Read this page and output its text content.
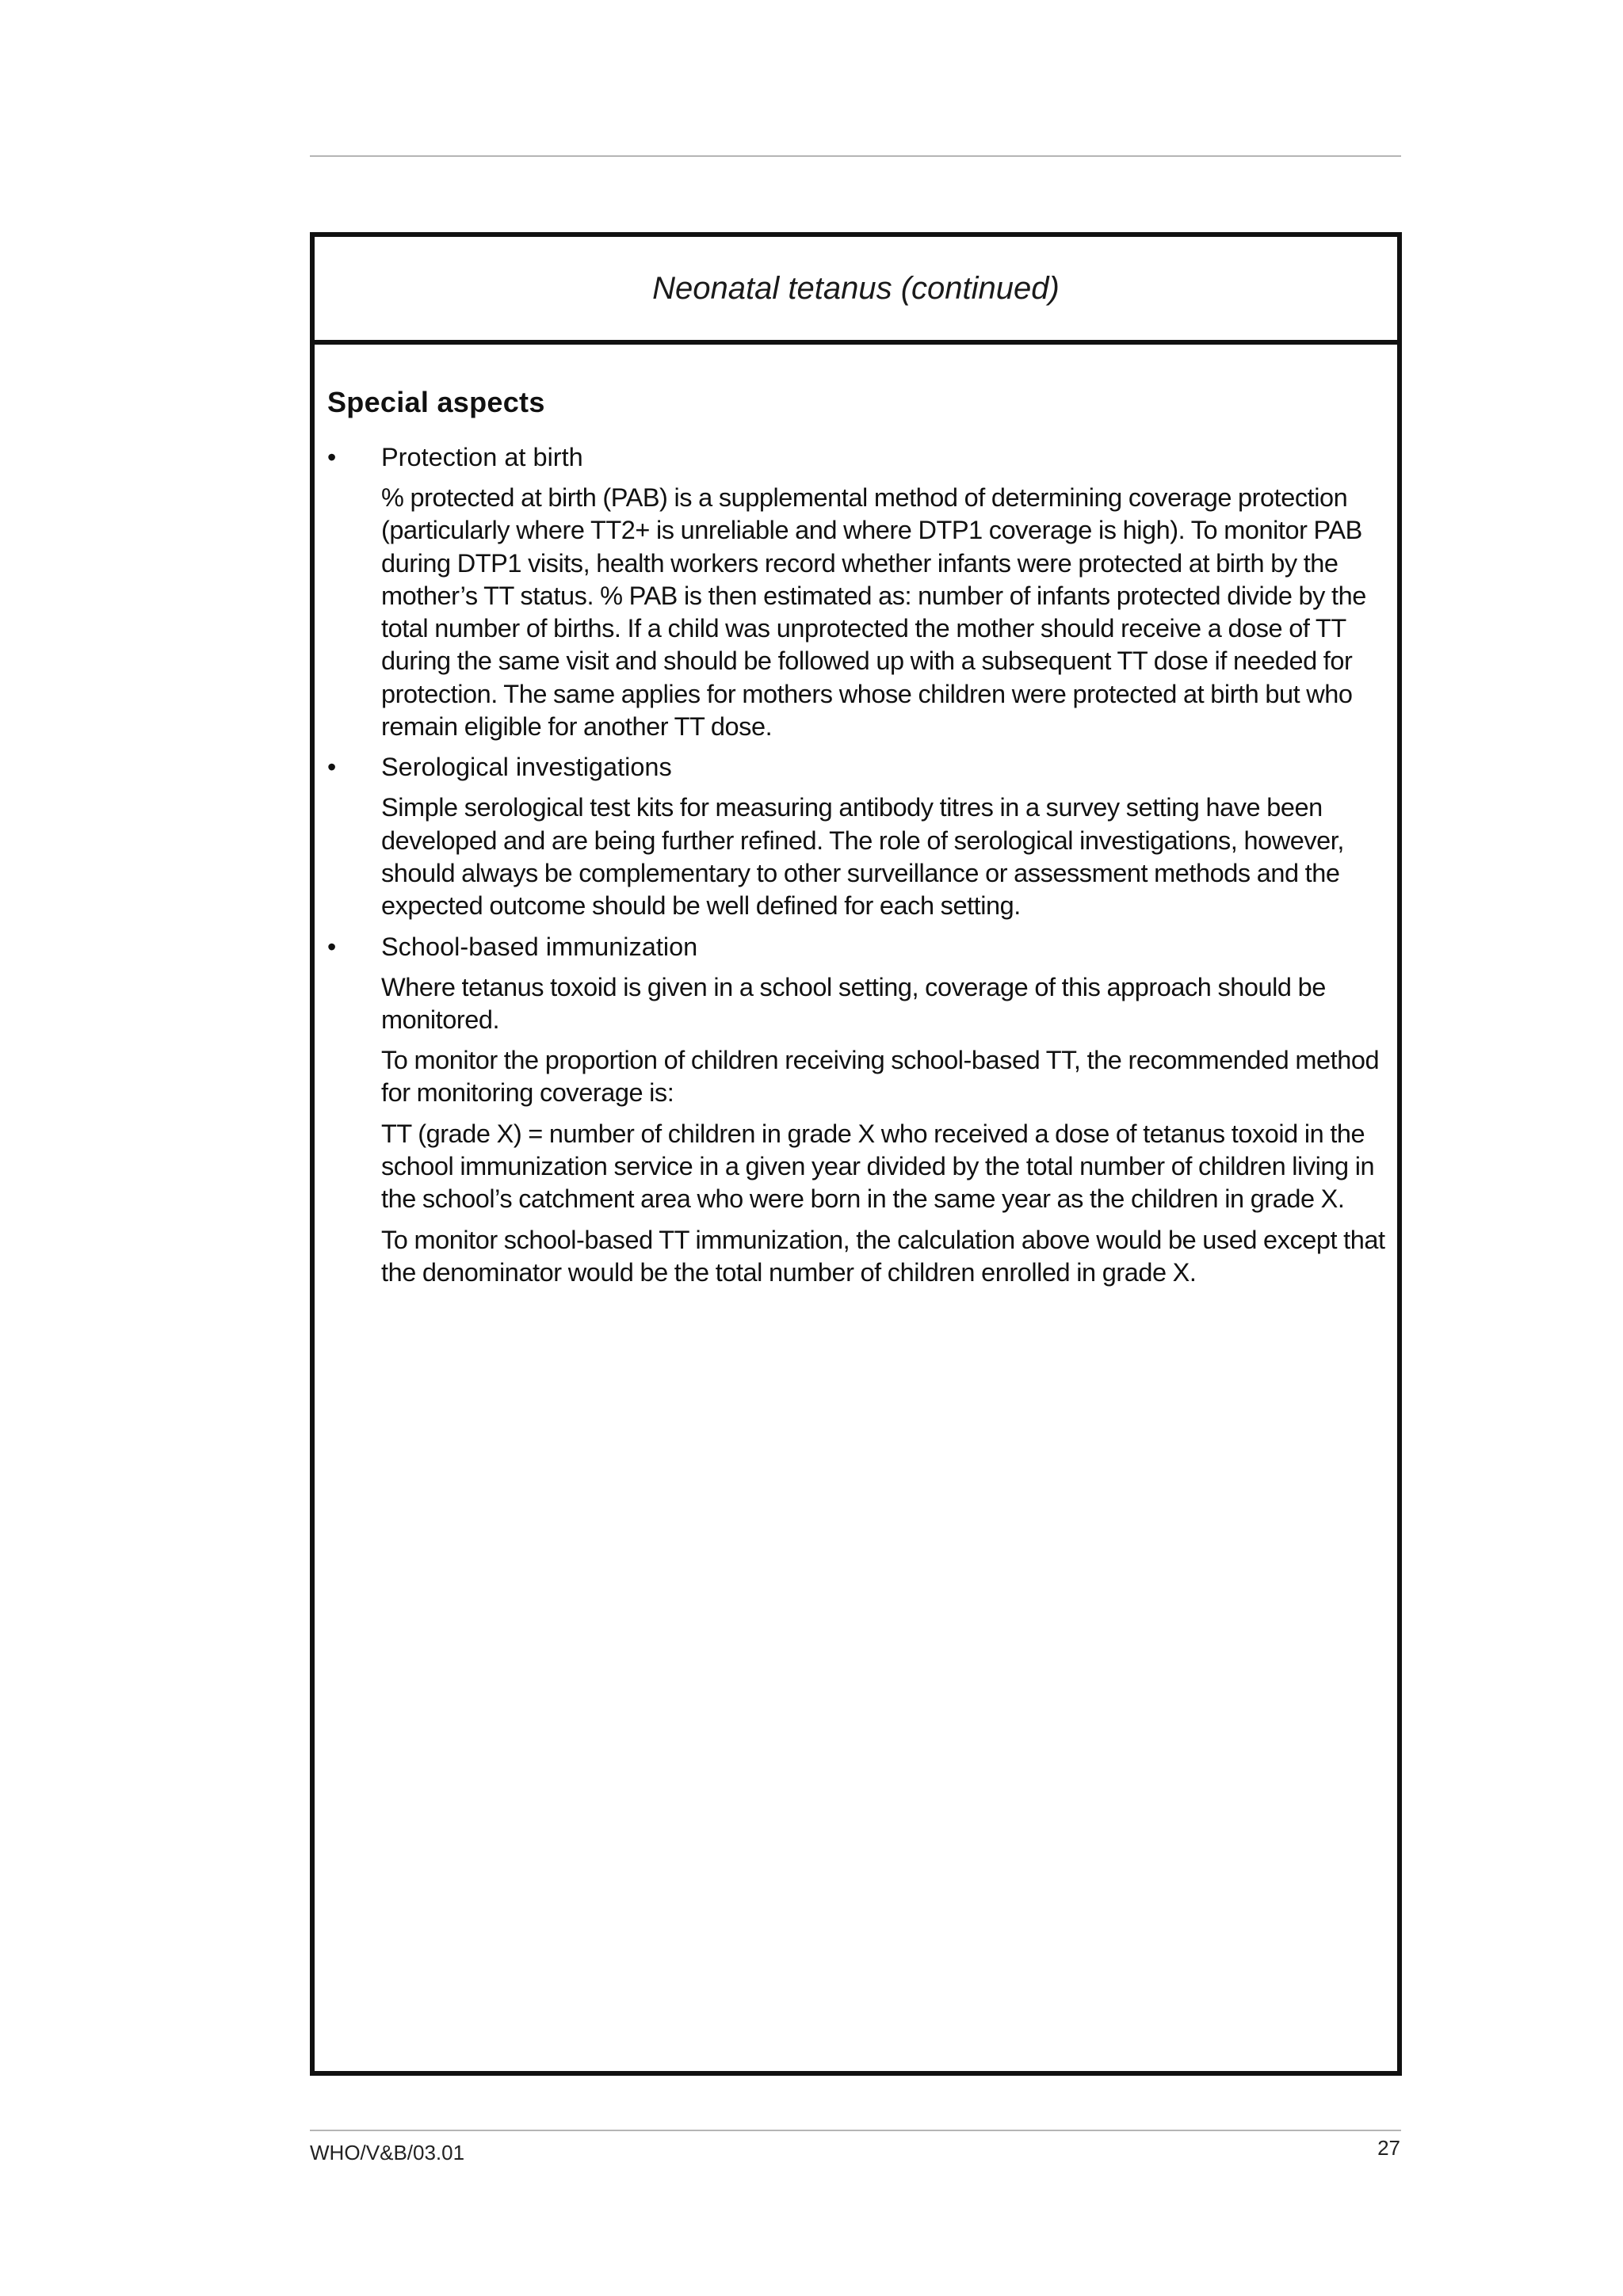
Neonatal tetanus (continued)
Special aspects
•	Protection at birth

% protected at birth (PAB) is a supplemental method of determining coverage protection (particularly where TT2+ is unreliable and where DTP1 coverage is high). To monitor PAB during DTP1 visits, health workers record whether infants were protected at birth by the mother’s TT status. % PAB is then estimated as: number of infants protected divide by the total number of births. If a child was unprotected the mother should receive a dose of TT during the same visit and should be followed up with a subsequent TT dose if needed for protection. The same applies for mothers whose children were protected at birth but who remain eligible for another TT dose.

•	Serological investigations

Simple serological test kits for measuring antibody titres in a survey setting have been developed and are being further refined. The role of serological investigations, however, should always be complementary to other surveillance or assessment methods and the expected outcome should be well defined for each setting.

•	School-based immunization

Where tetanus toxoid is given in a school setting, coverage of this approach should be monitored.

To monitor the proportion of children receiving school-based TT, the recommended method for monitoring coverage is:

TT (grade X) = number of children in grade X who received a dose of tetanus toxoid in the school immunization service in a given year divided by the total number of children living in the school’s catchment area who were born in the same year as the children in grade X.

To monitor school-based TT immunization, the calculation above would be used except that the denominator would be the total number of children enrolled in grade X.

WHO/V&B/03.01	27
